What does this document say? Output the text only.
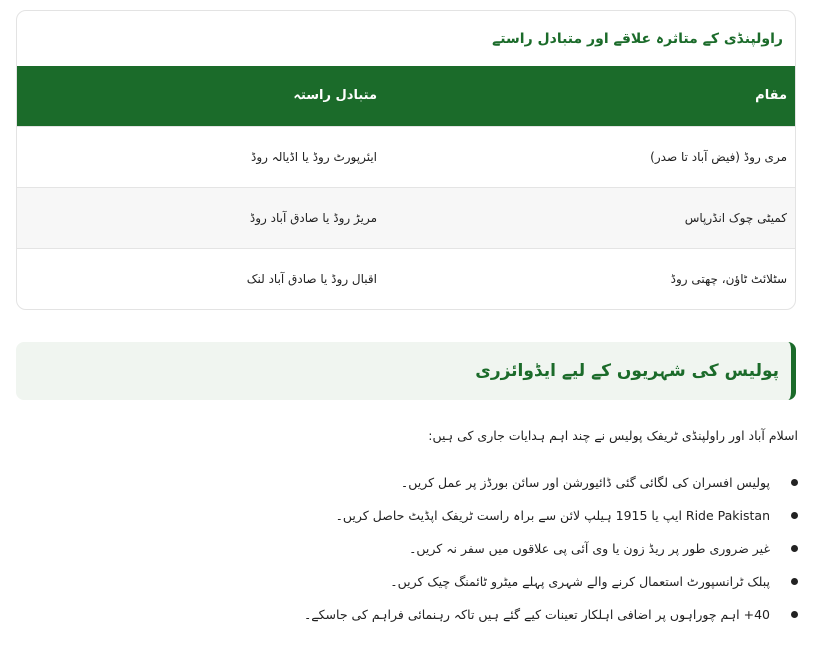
راولپنڈی کے متاثرہ علاقے اور متبادل راستے
مقام	متبادل راستہ
مری روڈ (فیض آباد تا صدر)	ایئرپورٹ روڈ یا اڈیالہ روڈ
کمیٹی چوک انڈرپاس	مریڑ روڈ یا صادق آباد روڈ
سٹلائٹ ٹاؤن، چھتی روڈ	اقبال روڈ یا صادق آباد لنک
پولیس کی شہریوں کے لیے ایڈوائزری

اسلام آباد اور راولپنڈی ٹریفک پولیس نے چند اہم ہدایات جاری کی ہیں:

پولیس افسران کی لگائی گئی ڈائیورشن اور سائن بورڈز پر عمل کریں۔
Ride Pakistan ایپ یا 1915 ہیلپ لائن سے براہ راست ٹریفک اپڈیٹ حاصل کریں۔
غیر ضروری طور پر ریڈ زون یا وی آئی پی علاقوں میں سفر نہ کریں۔
پبلک ٹرانسپورٹ استعمال کرنے والے شہری پہلے میٹرو ٹائمنگ چیک کریں۔
40+ اہم چوراہوں پر اضافی اہلکار تعینات کیے گئے ہیں تاکہ رہنمائی فراہم کی جاسکے۔
